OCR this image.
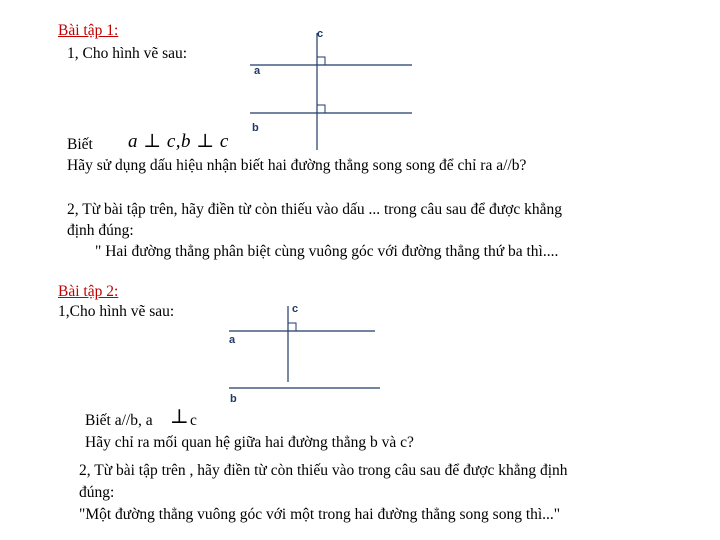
Bài tập 1:
1, Cho hình vẽ sau:
c
a
b
Biết a ⊥ c,b ⊥ c
Hãy sử dụng dấu hiệu nhận biết hai đường thẳng song song để chỉ ra a//b?
2, Từ bài tập trên, hãy điền từ còn thiếu vào dấu ... trong câu sau để được khẳng
định đúng:
" Hai đường thẳng phân biệt cùng vuông góc với đường thẳng thứ ba thì....
Bài tập 2:
1,Cho hình vẽ sau:	c
a
b
Biết a//b, a ⊥ c
Hãy chỉ ra mối quan hệ giữa hai đường thẳng b và c?
2, Từ bài tập trên , hãy điền từ còn thiếu vào trong câu sau để được khẳng định
đúng:
"Một đường thẳng vuông góc với một trong hai đường thẳng song song thì..."
